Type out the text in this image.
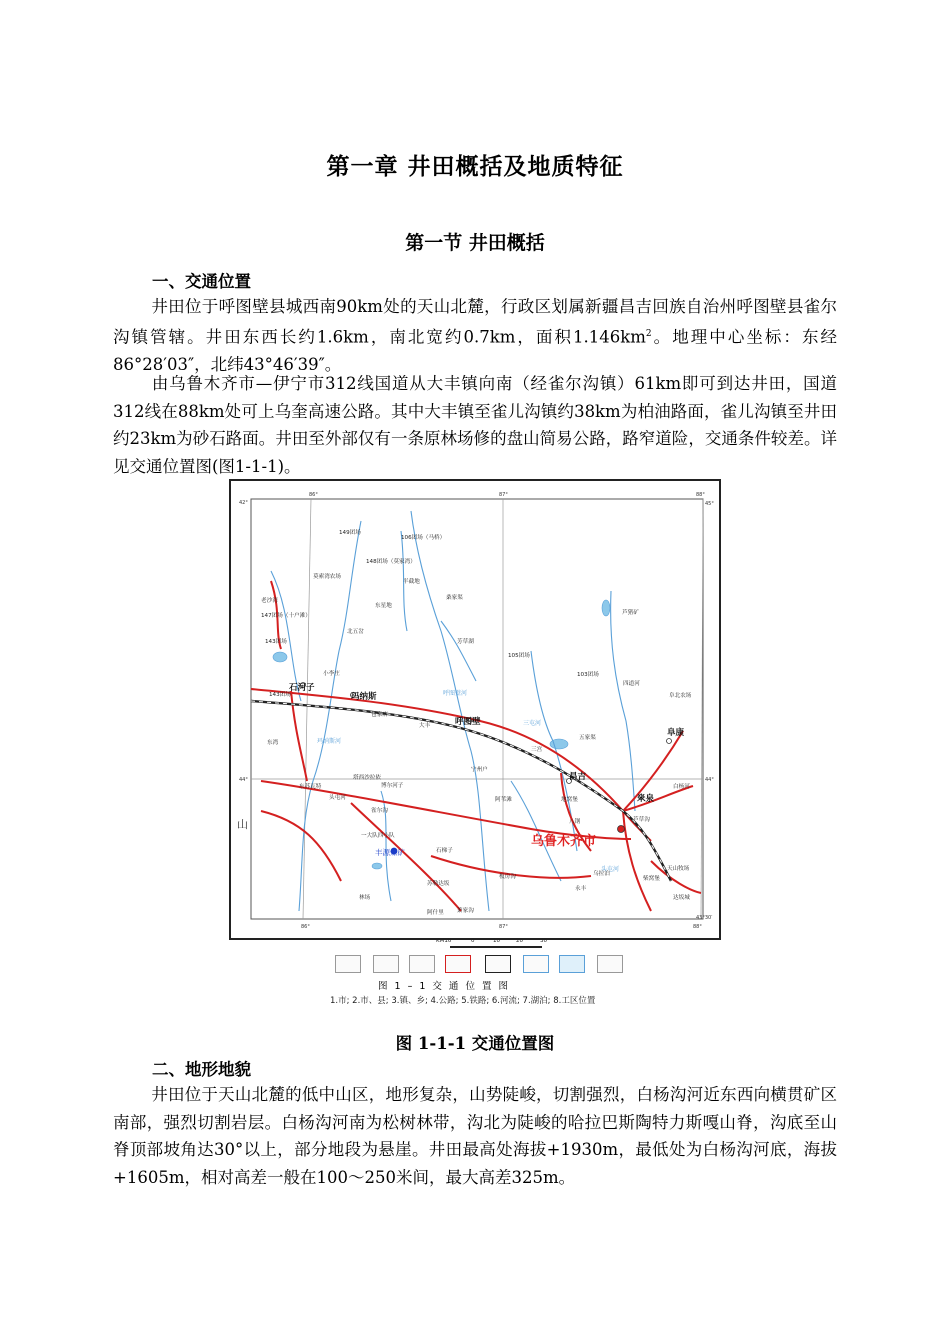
第一章 井田概括及地质特征
第一节 井田概括
一、交通位置
井田位于呼图壁县城西南90km处的天山北麓，行政区划属新疆昌吉回族自治州呼图壁县雀尔沟镇管辖。井田东西长约1.6km，南北宽约0.7km，面积$1.146km^2$。地理中心坐标：东经86°28′03″，北纬43°46′39″。
由乌鲁木齐市—伊宁市312线国道从大丰镇向南（经雀尔沟镇）61km即可到达井田，国道312线在88km处可上乌奎高速公路。其中大丰镇至雀儿沟镇约38km为柏油路面，雀儿沟镇至井田约23km为砂石路面。井田至外部仅有一条原林场修的盘山简易公路，路窄道险，交通条件较差。详见交通位置图(图1-1-1)。
86°	87°	88°
86°	87°	88°
42°
44°
45°
44°
43°30′
149团场
106团场（马桥）
148团场（莫家湾）
莫索湾农场
半截地
老沙湾
147团场（十户滩）
东星地
桑家渠
143团场
北五岔
芳草湖
105团场
103团场
芦猪矿
小李庄
143团场
包家店
大丰
阜北农场
东湾
五家渠
三宫
宁州户
塔西沙拉依
头屯河
东苏瓦特	博尔河子
四道河
雀尔沟
白杨河
一大队四小队
石梯子
阿苇滩	地窝堡
八钢	芦草沟
苏勒达坂
林场
阿什里
板房沟
萧家沟
永丰
乌拉泊
天山牧场
柴窝堡
达坂城
石河子
玛纳斯
呼图壁
昌吉
阜康
米泉
乌鲁木齐市
丰源煤矿
山
玛纳斯河
呼图壁河
三屯河
头屯河
KM10	0	10	20	30
图 1 – 1 交 通 位 置 图
1.市; 2.市、县; 3.镇、乡; 4.公路; 5.铁路; 6.河流; 7.湖泊; 8.工区位置
图 1-1-1 交通位置图
二、地形地貌
井田位于天山北麓的低中山区，地形复杂，山势陡峻，切割强烈，白杨沟河近东西向横贯矿区南部，强烈切割岩层。白杨沟河南为松树林带，沟北为陡峻的哈拉巴斯陶特力斯嘎山脊，沟底至山脊顶部坡角达30°以上，部分地段为悬崖。井田最高处海拔+1930m，最低处为白杨沟河底，海拔+1605m，相对高差一般在100～250米间，最大高差325m。
